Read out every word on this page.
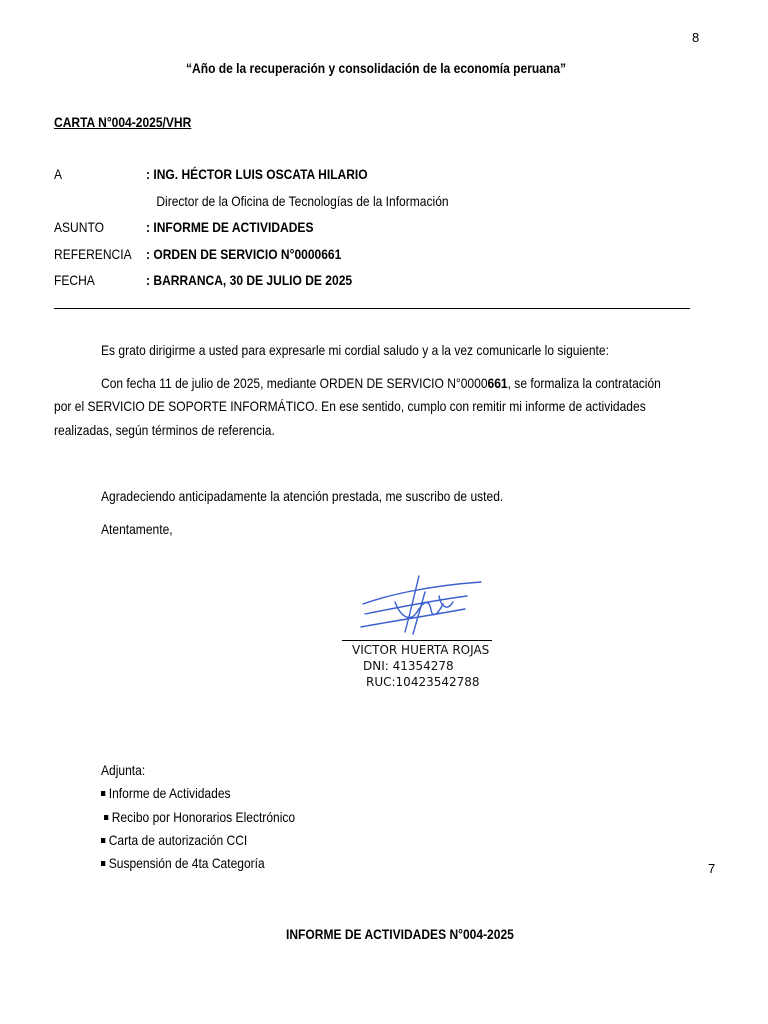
8
“Año de la recuperación y consolidación de la economía peruana”
CARTA N°004-2025/VHR
A	: ING. HÉCTOR LUIS OSCATA HILARIO
Director de la Oficina de Tecnologías de la Información
ASUNTO	: INFORME DE ACTIVIDADES
REFERENCIA : ORDEN DE SERVICIO N°0000661
FECHA	: BARRANCA, 30 DE JULIO DE 2025
Es grato dirigirme a usted para expresarle mi cordial saludo y a la vez comunicarle lo siguiente:
Con fecha 11 de julio de 2025, mediante ORDEN DE SERVICIO N°0000661, se formaliza la contratación
por el SERVICIO DE SOPORTE INFORMÁTICO. En ese sentido, cumplo con remitir mi informe de actividades
realizadas, según términos de referencia.
Agradeciendo anticipadamente la atención prestada, me suscribo de usted.
Atentamente,
VICTOR HUERTA ROJAS
DNI: 41354278
RUC:10423542788
Adjunta:
Informe de Actividades
Recibo por Honorarios Electrónico
Carta de autorización CCI
Suspensión de 4ta Categoría	7
INFORME DE ACTIVIDADES N°004-2025
